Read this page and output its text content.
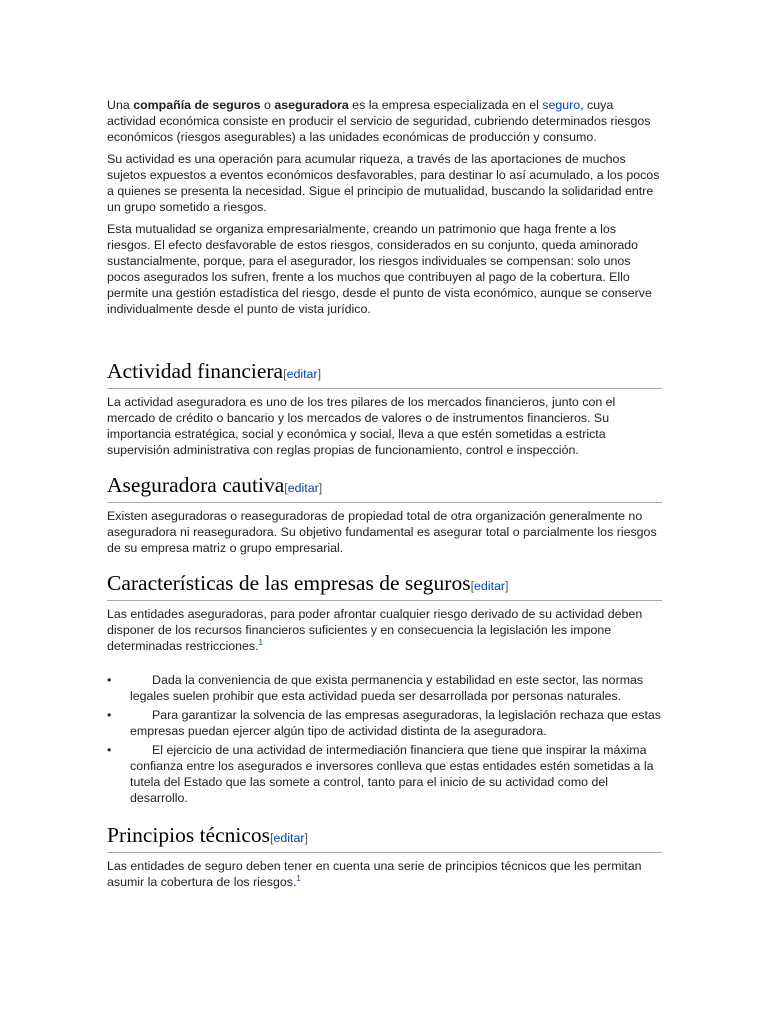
Una compañía de seguros o aseguradora es la empresa especializada en el seguro, cuya actividad económica consiste en producir el servicio de seguridad, cubriendo determinados riesgos económicos (riesgos asegurables) a las unidades económicas de producción y consumo.

Su actividad es una operación para acumular riqueza, a través de las aportaciones de muchos sujetos expuestos a eventos económicos desfavorables, para destinar lo así acumulado, a los pocos a quienes se presenta la necesidad. Sigue el principio de mutualidad, buscando la solidaridad entre un grupo sometido a riesgos.

Esta mutualidad se organiza empresarialmente, creando un patrimonio que haga frente a los riesgos. El efecto desfavorable de estos riesgos, considerados en su conjunto, queda aminorado sustancialmente, porque, para el asegurador, los riesgos individuales se compensan: solo unos pocos asegurados los sufren, frente a los muchos que contribuyen al pago de la cobertura. Ello permite una gestión estadística del riesgo, desde el punto de vista económico, aunque se conserve individualmente desde el punto de vista jurídico.

Actividad financiera[editar]

La actividad aseguradora es uno de los tres pilares de los mercados financieros, junto con el mercado de crédito o bancario y los mercados de valores o de instrumentos financieros. Su importancia estratégica, social y económica y social, lleva a que estén sometidas a estricta supervisión administrativa con reglas propias de funcionamiento, control e inspección.

Aseguradora cautiva[editar]

Existen aseguradoras o reaseguradoras de propiedad total de otra organización generalmente no aseguradora ni reaseguradora. Su objetivo fundamental es asegurar total o parcialmente los riesgos de su empresa matriz o grupo empresarial.

Características de las empresas de seguros[editar]

Las entidades aseguradoras, para poder afrontar cualquier riesgo derivado de su actividad deben disponer de los recursos financieros suficientes y en consecuencia la legislación les impone determinadas restricciones.$^1$

•	Dada la conveniencia de que exista permanencia y estabilidad en este sector, las normas legales suelen prohibir que esta actividad pueda ser desarrollada por personas naturales.
•	Para garantizar la solvencia de las empresas aseguradoras, la legislación rechaza que estas empresas puedan ejercer algún tipo de actividad distinta de la aseguradora.
•	El ejercicio de una actividad de intermediación financiera que tiene que inspirar la máxima confianza entre los asegurados e inversores conlleva que estas entidades estén sometidas a la tutela del Estado que las somete a control, tanto para el inicio de su actividad como del desarrollo.
Principios técnicos[editar]

Las entidades de seguro deben tener en cuenta una serie de principios técnicos que les permitan asumir la cobertura de los riesgos.$^1$
